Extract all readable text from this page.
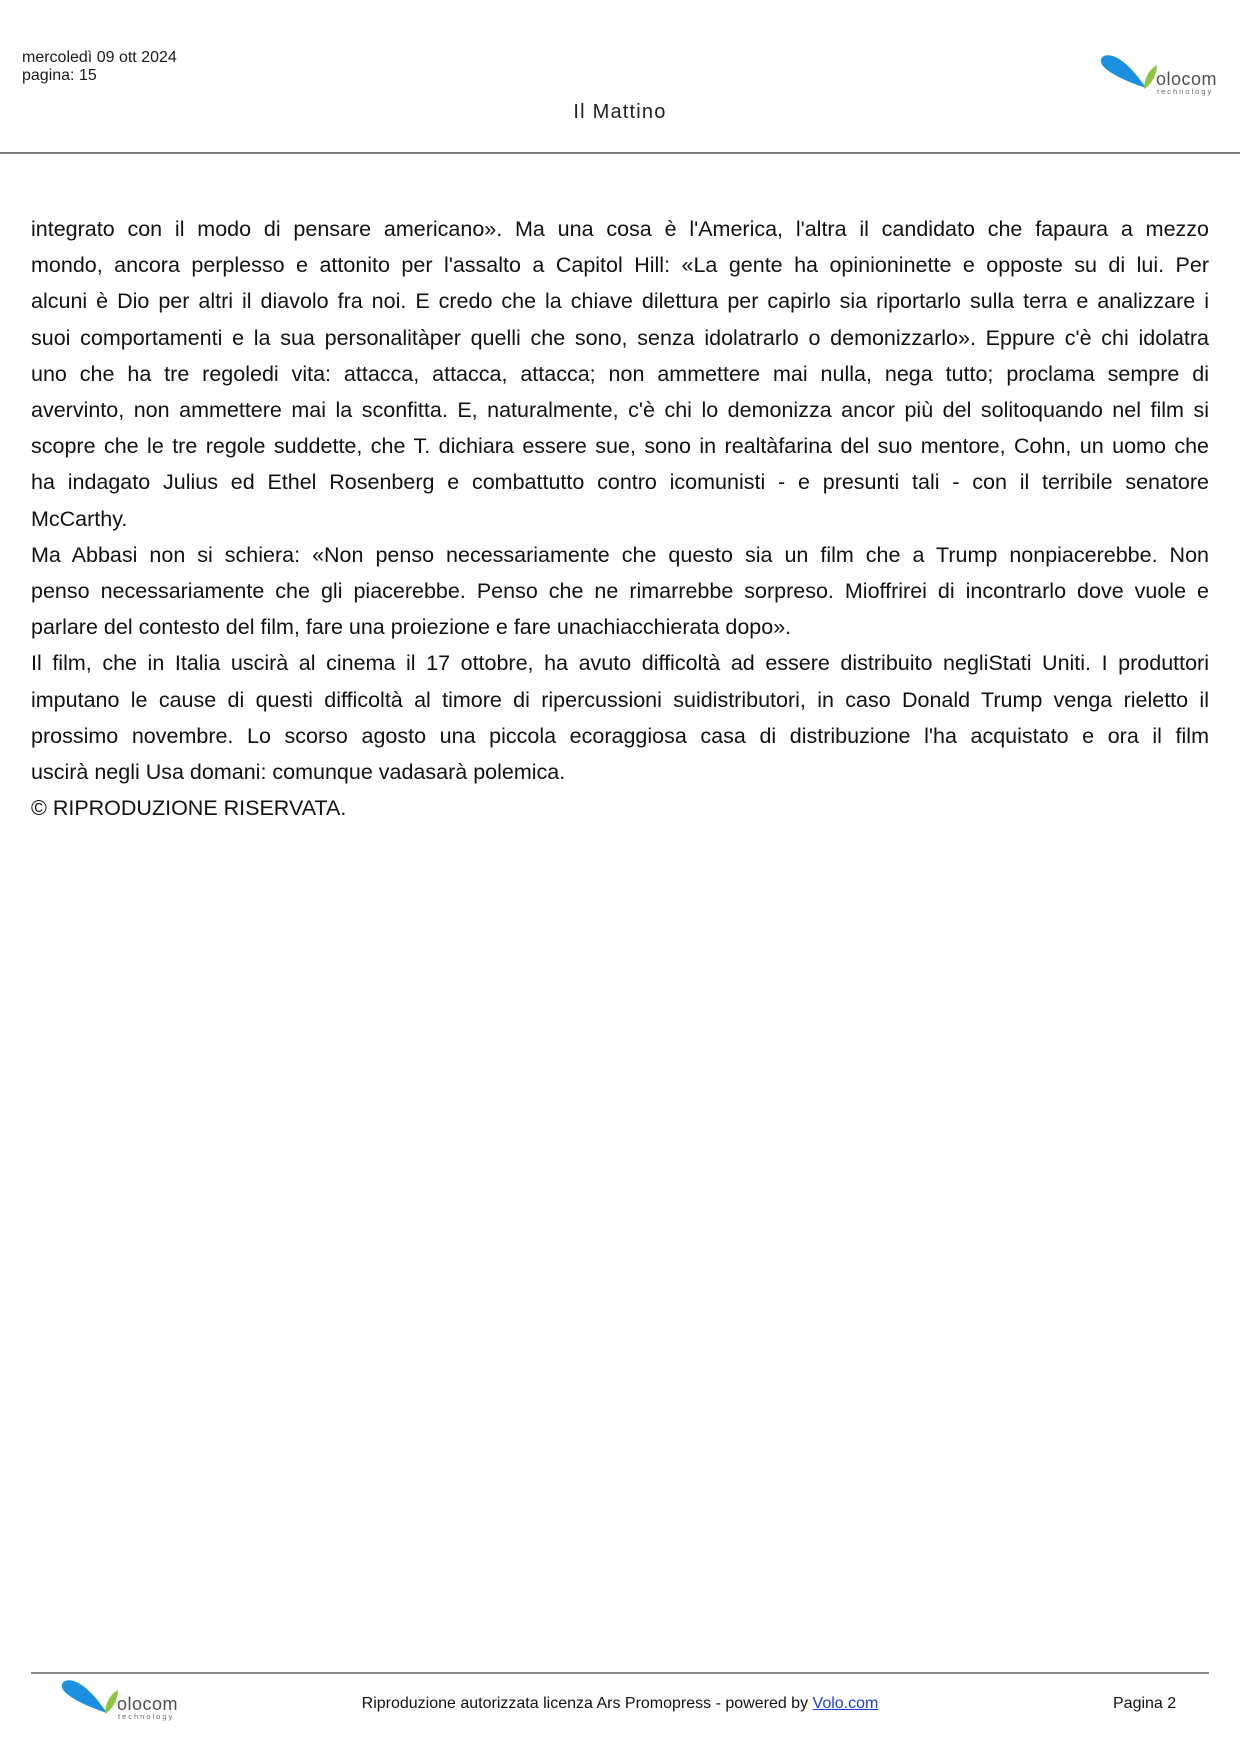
mercoledì 09 ott 2024
pagina: 15
Il Mattino
olocom
technology
integrato con il modo di pensare americano». Ma una cosa è l'America, l'altra il candidato che fapaura a mezzo
mondo, ancora perplesso e attonito per l'assalto a Capitol Hill: «La gente ha opinioninette e opposte su di lui. Per
alcuni è Dio per altri il diavolo fra noi. E credo che la chiave dilettura per capirlo sia riportarlo sulla terra e analizzare i
suoi comportamenti e la sua personalitàper quelli che sono, senza idolatrarlo o demonizzarlo». Eppure c'è chi idolatra
uno che ha tre regoledi vita: attacca, attacca, attacca; non ammettere mai nulla, nega tutto; proclama sempre di
avervinto, non ammettere mai la sconfitta. E, naturalmente, c'è chi lo demonizza ancor più del solitoquando nel film si
scopre che le tre regole suddette, che T. dichiara essere sue, sono in realtàfarina del suo mentore, Cohn, un uomo che
ha indagato Julius ed Ethel Rosenberg e combattutto contro icomunisti - e presunti tali - con il terribile senatore
McCarthy.
Ma Abbasi non si schiera: «Non penso necessariamente che questo sia un film che a Trump nonpiacerebbe. Non
penso necessariamente che gli piacerebbe. Penso che ne rimarrebbe sorpreso. Mioffrirei di incontrarlo dove vuole e
parlare del contesto del film, fare una proiezione e fare unachiacchierata dopo».
Il film, che in Italia uscirà al cinema il 17 ottobre, ha avuto difficoltà ad essere distribuito negliStati Uniti. I produttori
imputano le cause di questi difficoltà al timore di ripercussioni suidistributori, in caso Donald Trump venga rieletto il
prossimo novembre. Lo scorso agosto una piccola ecoraggiosa casa di distribuzione l'ha acquistato e ora il film
uscirà negli Usa domani: comunque vadasarà polemica.
© RIPRODUZIONE RISERVATA.
olocom
technology
Riproduzione autorizzata licenza Ars Promopress - powered by Volo.com	Pagina 2
